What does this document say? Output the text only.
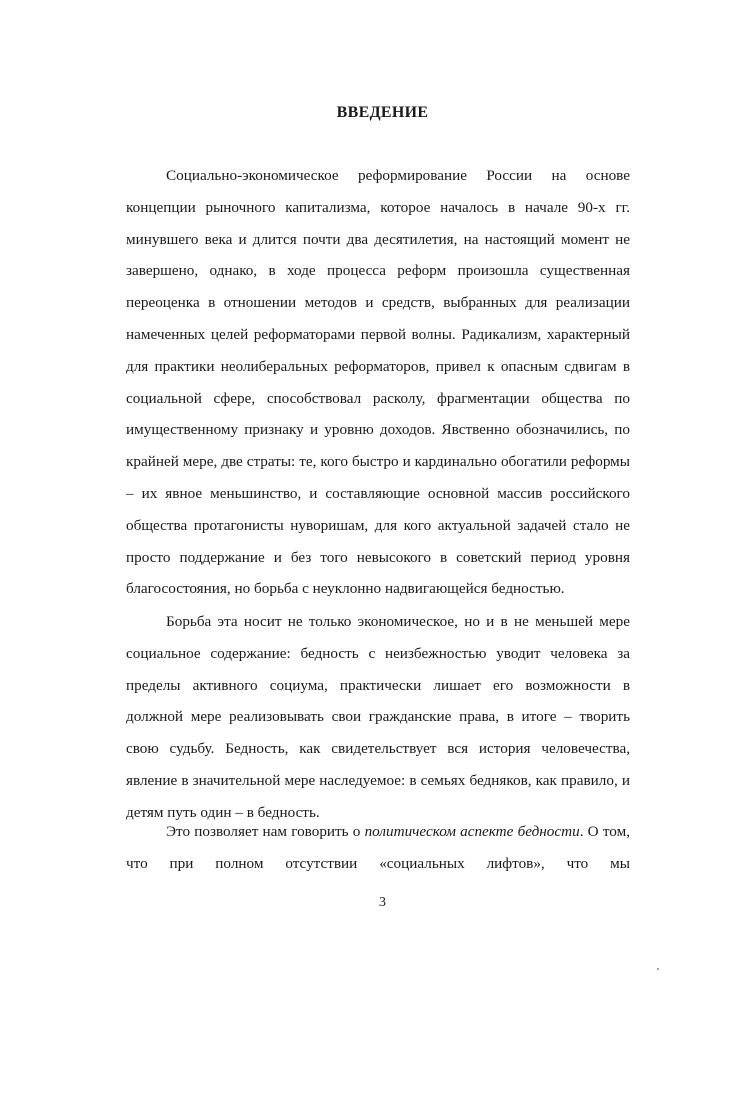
ВВЕДЕНИЕ

Социально-экономическое реформирование России на основе концепции рыночного капитализма, которое началось в начале 90-х гг. минувшего века и длится почти два десятилетия, на настоящий момент не завершено, однако, в ходе процесса реформ произошла существенная переоценка в отношении методов и средств, выбранных для реализации намеченных целей реформаторами первой волны. Радикализм, характерный для практики неолиберальных реформаторов, привел к опасным сдвигам в социальной сфере, способствовал расколу, фрагментации общества по имущественному признаку и уровню доходов. Явственно обозначились, по крайней мере, две страты: те, кого быстро и кардинально обогатили реформы – их явное меньшинство, и составляющие основной массив российского общества протагонисты нуворишам, для кого актуальной задачей стало не просто поддержание и без того невысокого в советский период уровня благосостояния, но борьба с неуклонно надвигающейся бедностью.

Борьба эта носит не только экономическое, но и в не меньшей мере социальное содержание: бедность с неизбежностью уводит человека за пределы активного социума, практически лишает его возможности в должной мере реализовывать свои гражданские права, в итоге – творить свою судьбу. Бедность, как свидетельствует вся история человечества, явление в значительной мере наследуемое: в семьях бедняков, как правило, и детям путь один – в бедность.

Это позволяет нам говорить о политическом аспекте бедности. О том, что при полном отсутствии «социальных лифтов», что мы

3
